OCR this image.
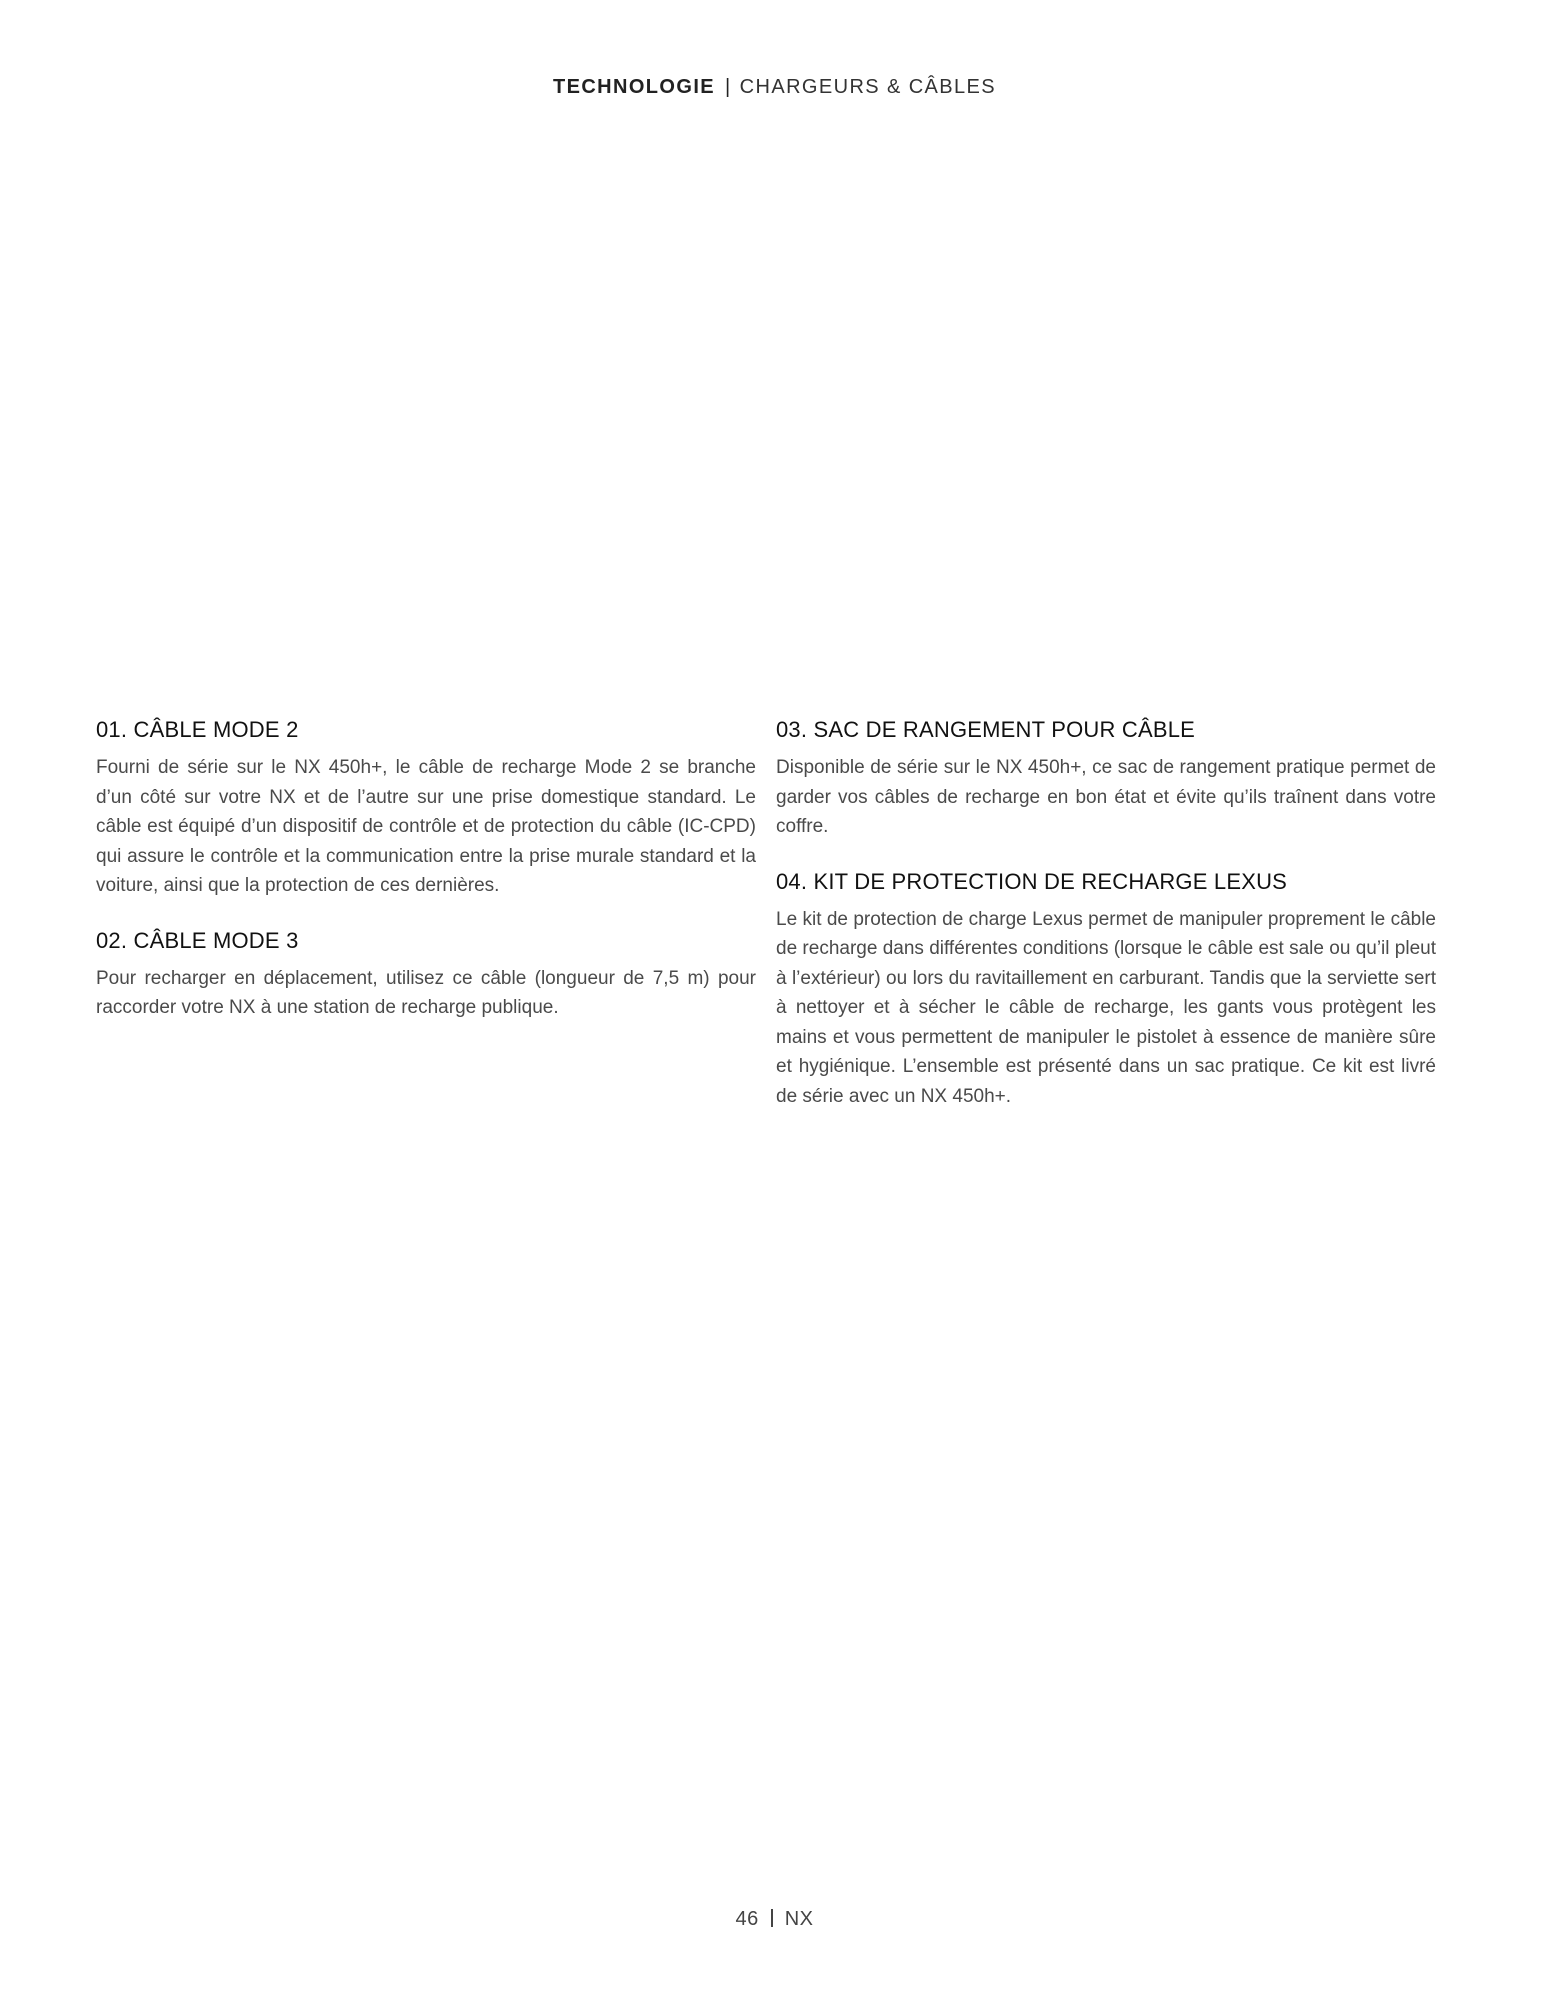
TECHNOLOGIE | CHARGEURS & CÂBLES
01. CÂBLE MODE 2

Fourni de série sur le NX 450h+, le câble de recharge Mode 2 se branche d’un côté sur votre NX et de l’autre sur une prise domestique standard. Le câble est équipé d’un dispositif de contrôle et de protection du câble (IC-CPD) qui assure le contrôle et la communication entre la prise murale standard et la voiture, ainsi que la protection de ces dernières.

02. CÂBLE MODE 3

Pour recharger en déplacement, utilisez ce câble (longueur de 7,5 m) pour raccorder votre NX à une station de recharge publique.

03. SAC DE RANGEMENT POUR CÂBLE

Disponible de série sur le NX 450h+, ce sac de rangement pratique permet de garder vos câbles de recharge en bon état et évite qu’ils traînent dans votre coffre.

04. KIT DE PROTECTION DE RECHARGE LEXUS

Le kit de protection de charge Lexus permet de manipuler proprement le câble de recharge dans différentes conditions (lorsque le câble est sale ou qu’il pleut à l’extérieur) ou lors du ravitaillement en carburant. Tandis que la serviette sert à nettoyer et à sécher le câble de recharge, les gants vous protègent les mains et vous permettent de manipuler le pistolet à essence de manière sûre et hygiénique. L’ensemble est présenté dans un sac pratique. Ce kit est livré de série avec un NX 450h+.

46 NX
